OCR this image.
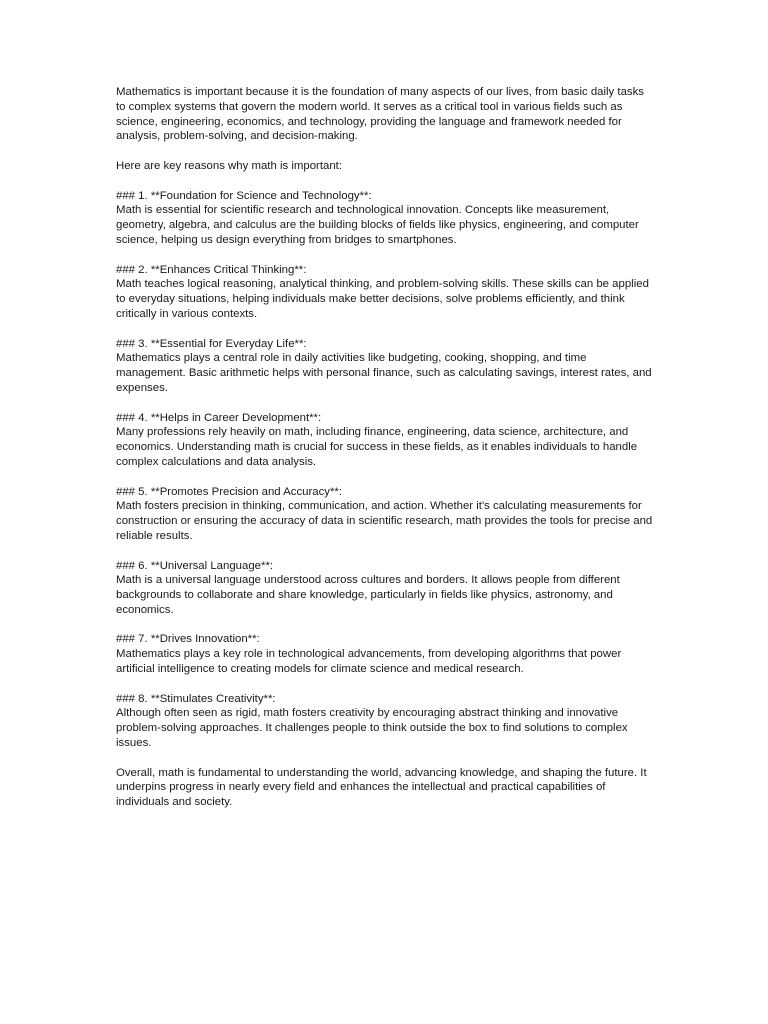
Mathematics is important because it is the foundation of many aspects of our lives, from basic daily tasks to complex systems that govern the modern world. It serves as a critical tool in various fields such as science, engineering, economics, and technology, providing the language and framework needed for analysis, problem-solving, and decision-making.

Here are key reasons why math is important:

### 1. **Foundation for Science and Technology**:
Math is essential for scientific research and technological innovation. Concepts like measurement, geometry, algebra, and calculus are the building blocks of fields like physics, engineering, and computer science, helping us design everything from bridges to smartphones.
### 2. **Enhances Critical Thinking**:
Math teaches logical reasoning, analytical thinking, and problem-solving skills. These skills can be applied to everyday situations, helping individuals make better decisions, solve problems efficiently, and think critically in various contexts.
### 3. **Essential for Everyday Life**:
Mathematics plays a central role in daily activities like budgeting, cooking, shopping, and time management. Basic arithmetic helps with personal finance, such as calculating savings, interest rates, and expenses.
### 4. **Helps in Career Development**:
Many professions rely heavily on math, including finance, engineering, data science, architecture, and economics. Understanding math is crucial for success in these fields, as it enables individuals to handle complex calculations and data analysis.
### 5. **Promotes Precision and Accuracy**:
Math fosters precision in thinking, communication, and action. Whether it's calculating measurements for construction or ensuring the accuracy of data in scientific research, math provides the tools for precise and reliable results.
### 6. **Universal Language**:
Math is a universal language understood across cultures and borders. It allows people from different backgrounds to collaborate and share knowledge, particularly in fields like physics, astronomy, and economics.
### 7. **Drives Innovation**:
Mathematics plays a key role in technological advancements, from developing algorithms that power artificial intelligence to creating models for climate science and medical research.
### 8. **Stimulates Creativity**:
Although often seen as rigid, math fosters creativity by encouraging abstract thinking and innovative problem-solving approaches. It challenges people to think outside the box to find solutions to complex issues.

Overall, math is fundamental to understanding the world, advancing knowledge, and shaping the future. It underpins progress in nearly every field and enhances the intellectual and practical capabilities of individuals and society.
